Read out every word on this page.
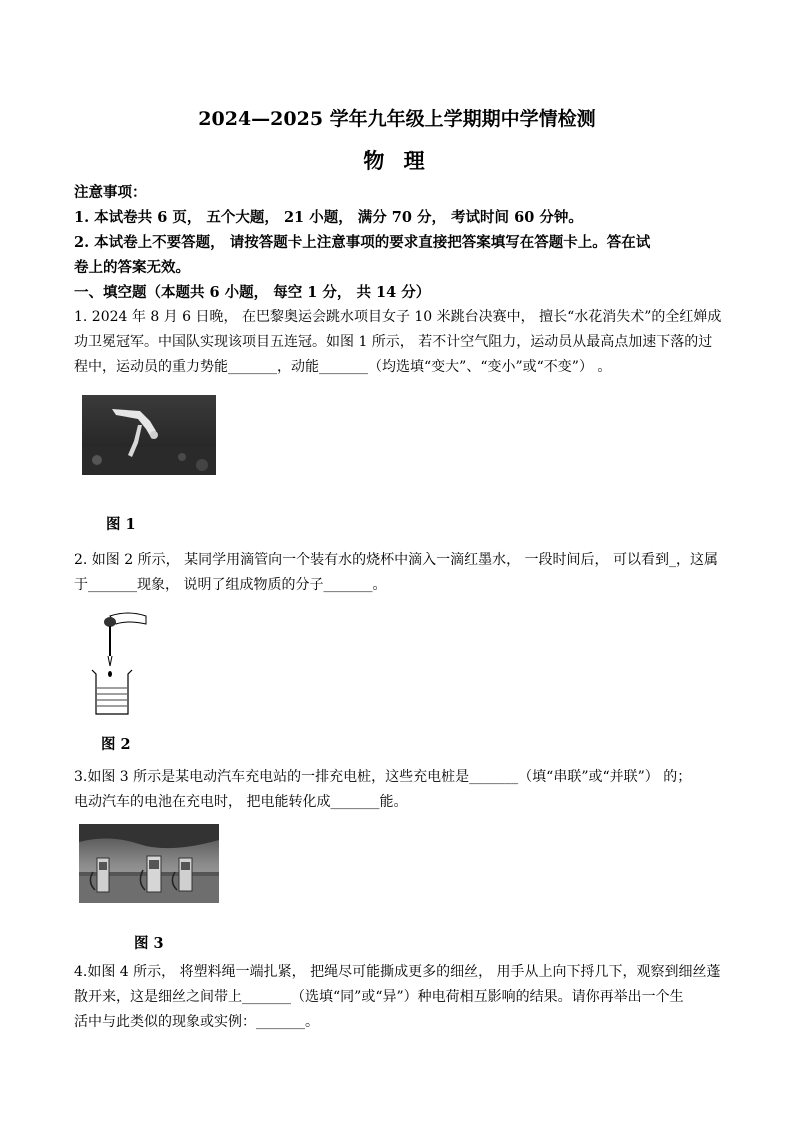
2024—2025 学年九年级上学期期中学情检测
物 理
注意事项：
1. 本试卷共 6 页， 五个大题， 21 小题， 满分 70 分， 考试时间 60 分钟。
2. 本试卷上不要答题， 请按答题卡上注意事项的要求直接把答案填写在答题卡上。答在试
卷上的答案无效。
一、填空题（本题共 6 小题， 每空 1 分， 共 14 分）
1. 2024 年 8 月 6 日晚， 在巴黎奥运会跳水项目女子 10 米跳台决赛中， 擅长“水花消失术”的全红婵成
功卫冕冠军。中国队实现该项目五连冠。如图 1 所示， 若不计空气阻力，运动员从最高点加速下落的过
程中，运动员的重力势能_______，动能_______（均选填“变大”、“变小”或“不变”） 。
图 1
2. 如图 2 所示， 某同学用滴管向一个装有水的烧杯中滴入一滴红墨水， 一段时间后， 可以看到_，这属
于_______现象， 说明了组成物质的分子_______。
图 2
3.如图 3 所示是某电动汽车充电站的一排充电桩，这些充电桩是_______（填“串联”或“并联”） 的；
电动汽车的电池在充电时， 把电能转化成_______能。
图 3
4.如图 4 所示， 将塑料绳一端扎紧， 把绳尽可能撕成更多的细丝， 用手从上向下捋几下，观察到细丝蓬
散开来，这是细丝之间带上_______（选填“同”或“异”）种电荷相互影响的结果。请你再举出一个生
活中与此类似的现象或实例：_______。
